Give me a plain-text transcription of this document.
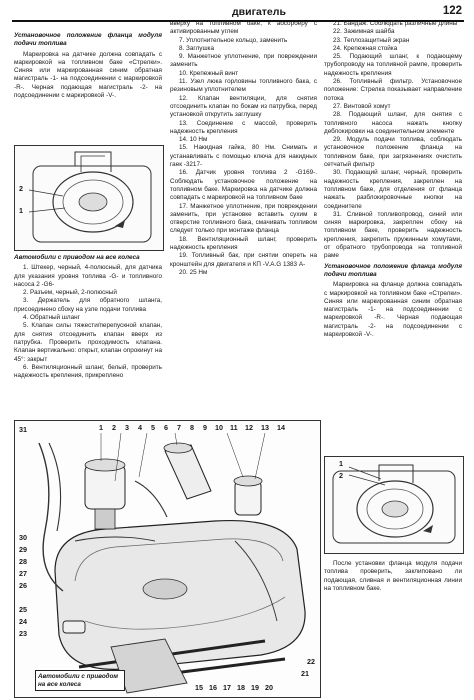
двигатель	122

Установочное положение фланца модуля подачи топлива

Маркировка на датчике должна совпадать с маркировкой на топливном баке «Стрелки». Синяя или маркированная синим обратная магистраль -1- на подсоединении с маркировкой -R-. Черная подающая магистраль -2- на подсоединении с маркировкой -V-.

2
1

Автомобили с приводом на все колеса

1. Штекер, черный, 4-полюсный, для датчика для указания уровня топлива -G- и топливного насоса 2 -G6-

2. Разъем, черный, 2-полюсный

3. Держатель для обратного шланга, присоединено сбоку на узле подачи топлива

4. Обратный шланг

5. Клапан силы тяжести/перепускной клапан, для снятия отсоединить клапан вверх из патрубка. Проверить проходимость клапана. Клапан вертикально: открыт, клапан опрокинут на 45°: закрыт

6. Вентиляционный шланг, белый, проверить надежность крепления, прикреплено

вверху на топливном баке, к абсорберу с активированным углем

7. Уплотнительное кольцо, заменить

8. Заглушка

9. Манжетное уплотнение, при повреждении заменить

10. Крепежный винт

11. Узел люка горловины топливного бака, с резиновым уплотнителем

12. Клапан вентиляции, для снятия отсоединить клапан по бокам из патрубка, перед установкой открутить заглушку

13. Соединение с массой, проверить надежность крепления

14. 10 Нм

15. Накидная гайка, 80 Нм. Снимать и устанавливать с помощью ключа для накидных гаек -3217-

16. Датчик уровня топлива 2 -G169-. Соблюдать установочное положение на топливном баке. Маркировка на датчике должна совпадать с маркировкой на топливном баке

17. Манжетное уплотнение, при повреждении заменить, при установке вставить сухим в отверстие топливного бака, смачивать топливом следует только при монтаже фланца

18. Вентиляционный шланг, проверить надежность крепления

19. Топливный бак, при снятии опереть на кронштейн для двигателя и КП -V.A.G 1383 А-

20. 25 Нм

21. Бандаж. Соблюдать различные длины

22. Зажимная шайба

23. Теплозащитный экран

24. Крепежная стойка

25. Подающий шланг, к подающему трубопроводу на топливной рампе, проверить надежность крепления

26. Топливный фильтр. Установочное положение: Стрелка показывает направление потока

27. Винтовой хомут

28. Подающий шланг, для снятия с топливного насоса нажать кнопку деблокировки на соединительном элементе

29. Модуль подачи топлива, соблюдать установочное положение фланца на топливном баке, при загрязнениях очистить сетчатый фильтр

30. Подающий шланг, черный, проверить надежность крепления, закреплен на топливном баке, для отделения от фланца нажать разблокировочные кнопки на соединителе

31. Сливной топливопровод, синий или синяя маркировка, закреплен сбоку на топливном баке, проверить надежность крепления, закрепить пружинным хомутами, от обратного трубопровода на топливной раме

Установочное положение фланца модуля подачи топлива

Маркировка на фланце должна совпадать с маркировкой на топливном баке «Стрелки». Синяя или маркированная синим обратная магистраль -1- на подсоединении с маркировкой -R-. Черная подающая магистраль -2- на подсоединении с маркировкой -V-.

1
2

После установки фланца модуля подачи топлива проверить, заклиповано ли подающая, сливная и вентиляционная линии на топливном баке.

1 2 3 4 5 6 7 8 9 10 11 12 13 14
31
30
29
28
27
26
25
24
23
22
21
20
19
18
17
16
15
Автомобили с приводом на все колеса
